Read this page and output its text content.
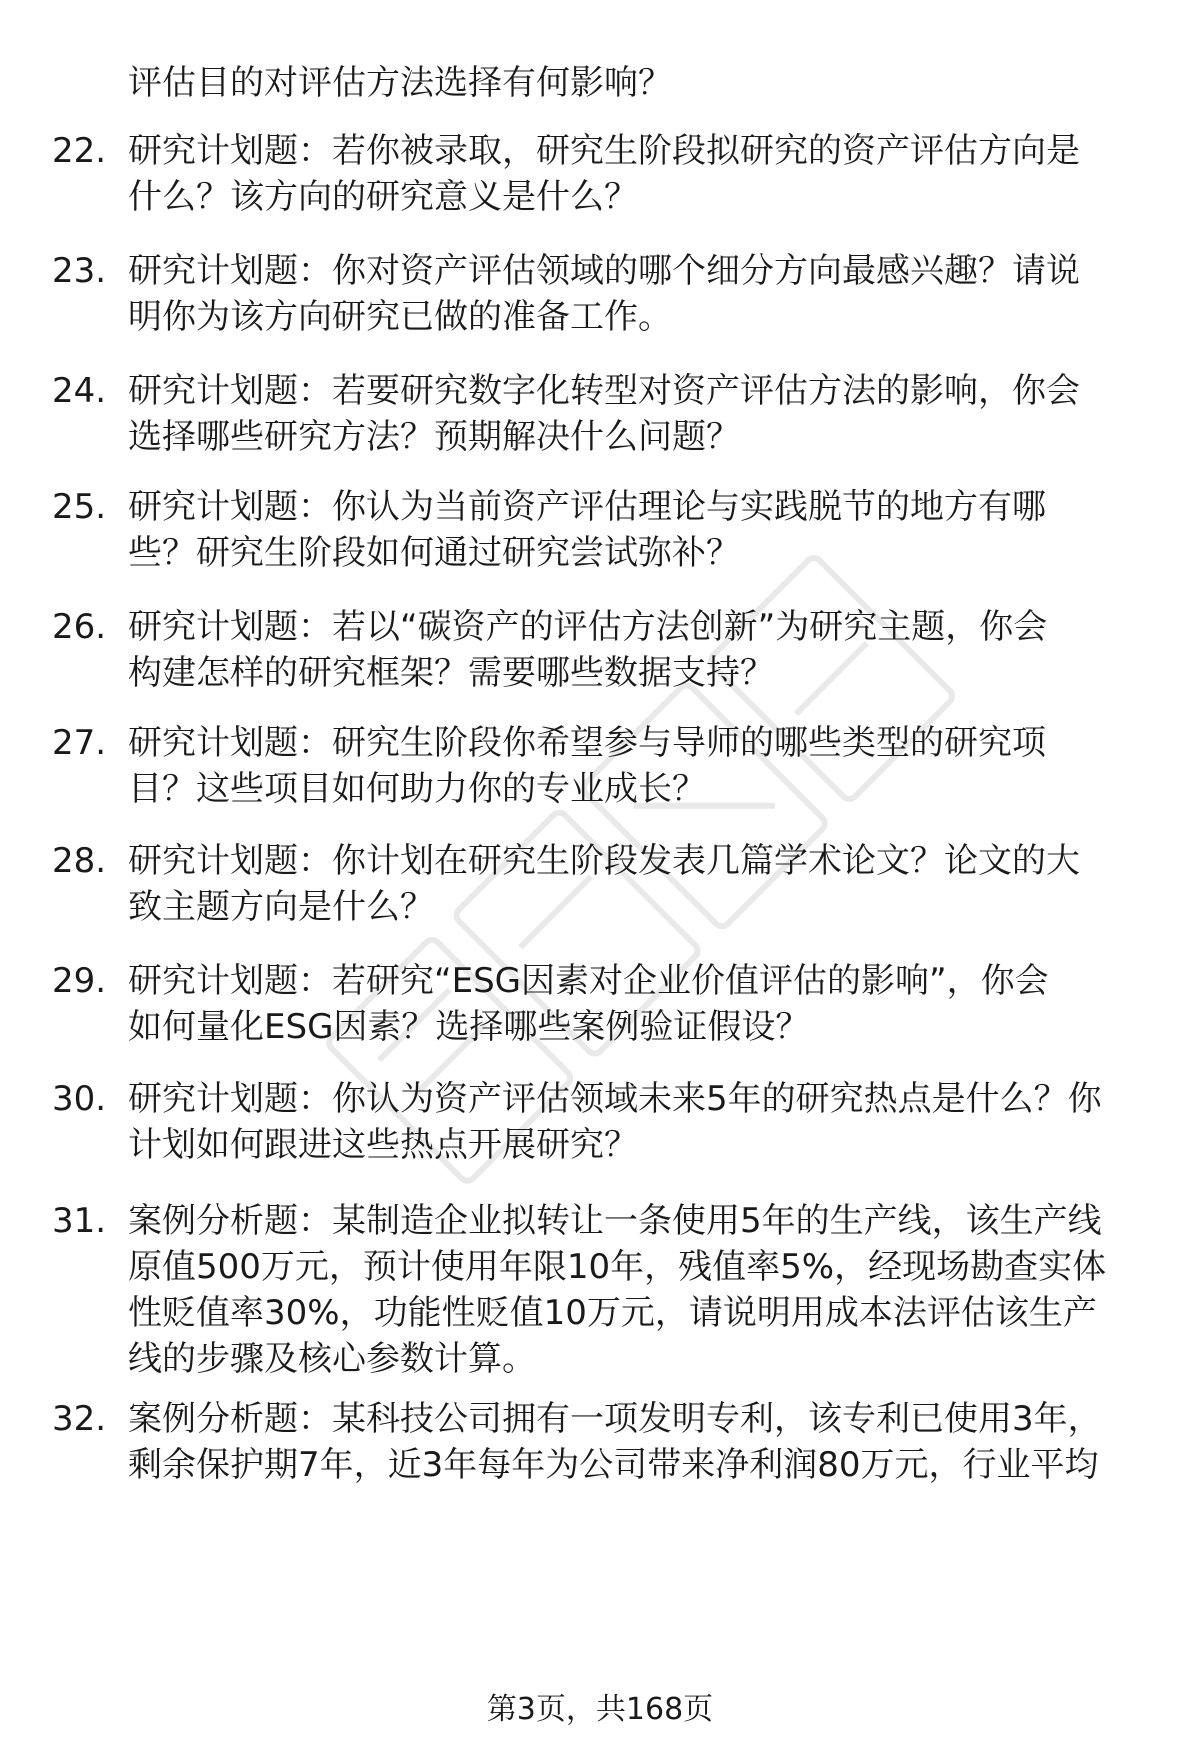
评估目的对评估方法选择有何影响？
22. 研究计划题：若你被录取，研究生阶段拟研究的资产评估方向是
什么？该方向的研究意义是什么？
23. 研究计划题：你对资产评估领域的哪个细分方向最感兴趣？请说
明你为该方向研究已做的准备工作。
24. 研究计划题：若要研究数字化转型对资产评估方法的影响，你会
选择哪些研究方法？预期解决什么问题？
25. 研究计划题：你认为当前资产评估理论与实践脱节的地方有哪
些？研究生阶段如何通过研究尝试弥补？
26. 研究计划题：若以“碳资产的评估方法创新”为研究主题，你会
构建怎样的研究框架？需要哪些数据支持？
27. 研究计划题：研究生阶段你希望参与导师的哪些类型的研究项
目？这些项目如何助力你的专业成长？
28. 研究计划题：你计划在研究生阶段发表几篇学术论文？论文的大
致主题方向是什么？
29. 研究计划题：若研究“ESG因素对企业价值评估的影响”，你会
如何量化ESG因素？选择哪些案例验证假设？
30. 研究计划题：你认为资产评估领域未来5年的研究热点是什么？你
计划如何跟进这些热点开展研究？
31. 案例分析题：某制造企业拟转让一条使用5年的生产线，该生产线
原值500万元，预计使用年限10年，残值率5%，经现场勘查实体
性贬值率30%，功能性贬值10万元，请说明用成本法评估该生产
线的步骤及核心参数计算。
32. 案例分析题：某科技公司拥有一项发明专利，该专利已使用3年，
剩余保护期7年，近3年每年为公司带来净利润80万元，行业平均
第3页，共168页
